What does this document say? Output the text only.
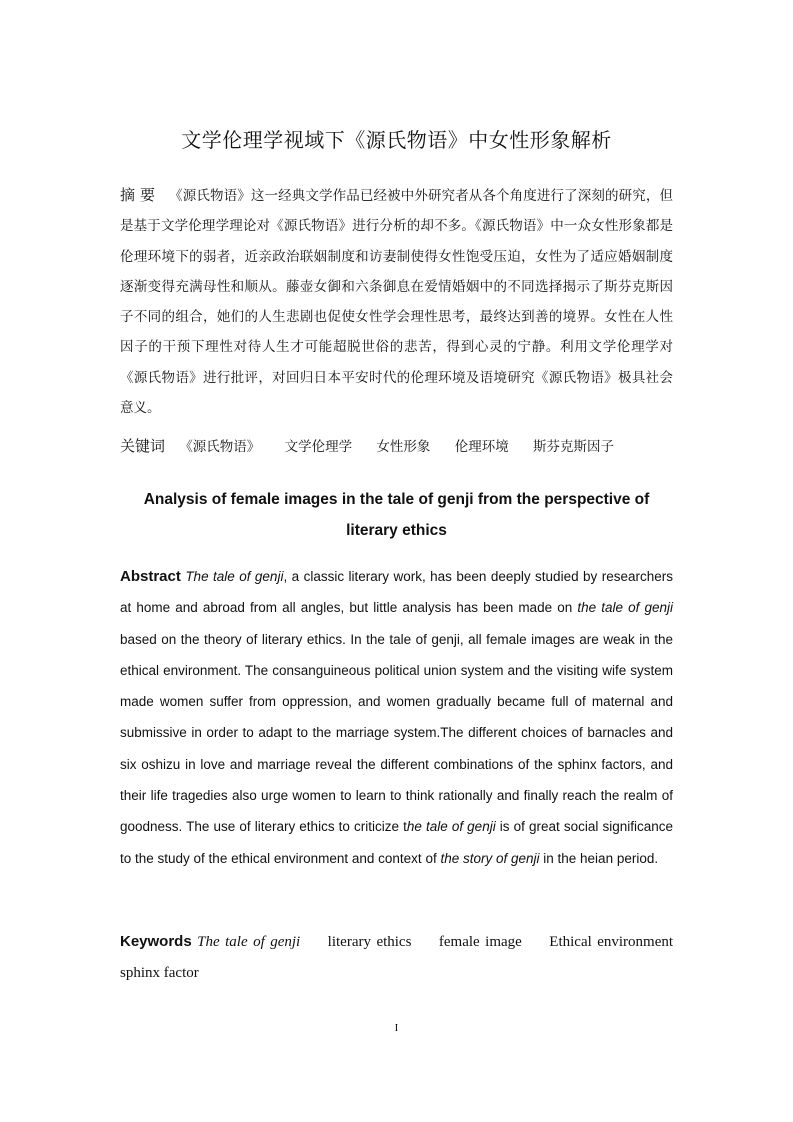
文学伦理学视域下《源氏物语》中女性形象解析
摘 要 《源氏物语》这一经典文学作品已经被中外研究者从各个角度进行了深刻的研究，但是基于文学伦理学理论对《源氏物语》进行分析的却不多。《源氏物语》中一众女性形象都是伦理环境下的弱者，近亲政治联姻制度和访妻制使得女性饱受压迫，女性为了适应婚姻制度逐渐变得充满母性和顺从。藤壶女御和六条御息在爱情婚姻中的不同选择揭示了斯芬克斯因子不同的组合，她们的人生悲剧也促使女性学会理性思考，最终达到善的境界。女性在人性因子的干预下理性对待人生才可能超脱世俗的悲苦，得到心灵的宁静。利用文学伦理学对《源氏物语》进行批评，对回归日本平安时代的伦理环境及语境研究《源氏物语》极具社会意义。
关键词 《源氏物语》 文学伦理学 女性形象 伦理环境 斯芬克斯因子
Analysis of female images in the tale of genji from the perspective of literary ethics
Abstract The tale of genji, a classic literary work, has been deeply studied by researchers at home and abroad from all angles, but little analysis has been made on the tale of genji based on the theory of literary ethics. In the tale of genji, all female images are weak in the ethical environment. The consanguineous political union system and the visiting wife system made women suffer from oppression, and women gradually became full of maternal and submissive in order to adapt to the marriage system.The different choices of barnacles and six oshizu in love and marriage reveal the different combinations of the sphinx factors, and their life tragedies also urge women to learn to think rationally and finally reach the realm of goodness. The use of literary ethics to criticize the tale of genji is of great social significance to the study of the ethical environment and context of the story of genji in the heian period.
Keywords The tale of genji literary ethics female image Ethical environment sphinx factor
I
